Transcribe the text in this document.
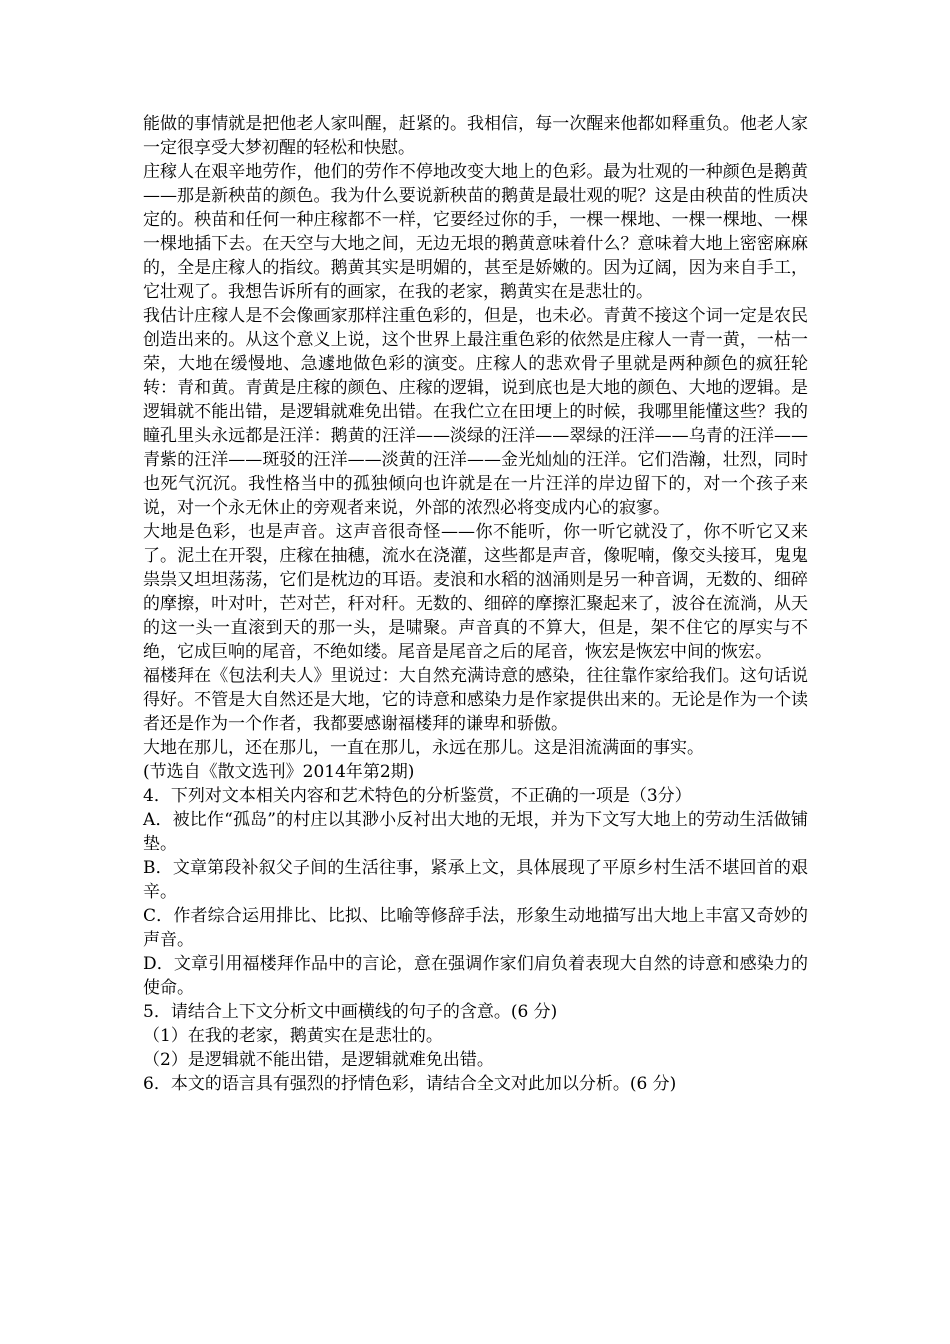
能做的事情就是把他老人家叫醒，赶紧的。我相信，每一次醒来他都如释重负。他老人家一定很享受大梦初醒的轻松和快慰。

庄稼人在艰辛地劳作，他们的劳作不停地改变大地上的色彩。最为壮观的一种颜色是鹅黄——那是新秧苗的颜色。我为什么要说新秧苗的鹅黄是最壮观的呢？这是由秧苗的性质决定的。秧苗和任何一种庄稼都不一样，它要经过你的手，一棵一棵地、一棵一棵地、一棵一棵地插下去。在天空与大地之间，无边无垠的鹅黄意味着什么？意味着大地上密密麻麻的，全是庄稼人的指纹。鹅黄其实是明媚的，甚至是娇嫩的。因为辽阔，因为来自手工，它壮观了。我想告诉所有的画家，在我的老家，鹅黄实在是悲壮的。

我估计庄稼人是不会像画家那样注重色彩的，但是，也未必。青黄不接这个词一定是农民创造出来的。从这个意义上说，这个世界上最注重色彩的依然是庄稼人一青一黄，一枯一荣，大地在缓慢地、急遽地做色彩的演变。庄稼人的悲欢骨子里就是两种颜色的疯狂轮转：青和黄。青黄是庄稼的颜色、庄稼的逻辑，说到底也是大地的颜色、大地的逻辑。是逻辑就不能出错，是逻辑就难免出错。在我伫立在田埂上的时候，我哪里能懂这些？我的瞳孔里头永远都是汪洋：鹅黄的汪洋——淡绿的汪洋——翠绿的汪洋——乌青的汪洋——青紫的汪洋——斑驳的汪洋——淡黄的汪洋——金光灿灿的汪洋。它们浩瀚，壮烈，同时也死气沉沉。我性格当中的孤独倾向也许就是在一片汪洋的岸边留下的，对一个孩子来说，对一个永无休止的旁观者来说，外部的浓烈必将变成内心的寂寥。

大地是色彩，也是声音。这声音很奇怪——你不能听，你一听它就没了，你不听它又来了。泥土在开裂，庄稼在抽穗，流水在浇灌，这些都是声音，像呢喃，像交头接耳，鬼鬼祟祟又坦坦荡荡，它们是枕边的耳语。麦浪和水稻的汹涌则是另一种音调，无数的、细碎的摩擦，叶对叶，芒对芒，秆对秆。无数的、细碎的摩擦汇聚起来了，波谷在流淌，从天的这一头一直滚到天的那一头，是啸聚。声音真的不算大，但是，架不住它的厚实与不绝，它成巨响的尾音，不绝如缕。尾音是尾音之后的尾音，恢宏是恢宏中间的恢宏。

福楼拜在《包法利夫人》里说过：大自然充满诗意的感染，往往靠作家给我们。这句话说得好。不管是大自然还是大地，它的诗意和感染力是作家提供出来的。无论是作为一个读者还是作为一个作者，我都要感谢福楼拜的谦卑和骄傲。

大地在那儿，还在那儿，一直在那儿，永远在那儿。这是泪流满面的事实。

(节选自《散文选刊》2014年第2期)

4．下列对文本相关内容和艺术特色的分析鉴赏，不正确的一项是（3分）

A．被比作“孤岛”的村庄以其渺小反衬出大地的无垠，并为下文写大地上的劳动生活做铺垫。

B．文章第段补叙父子间的生活往事，紧承上文，具体展现了平原乡村生活不堪回首的艰辛。

C．作者综合运用排比、比拟、比喻等修辞手法，形象生动地描写出大地上丰富又奇妙的声音。

D．文章引用福楼拜作品中的言论，意在强调作家们肩负着表现大自然的诗意和感染力的使命。

5．请结合上下文分析文中画横线的句子的含意。(6 分)

（1）在我的老家，鹅黄实在是悲壮的。

（2）是逻辑就不能出错，是逻辑就难免出错。

6．本文的语言具有强烈的抒情色彩，请结合全文对此加以分析。(6 分)
